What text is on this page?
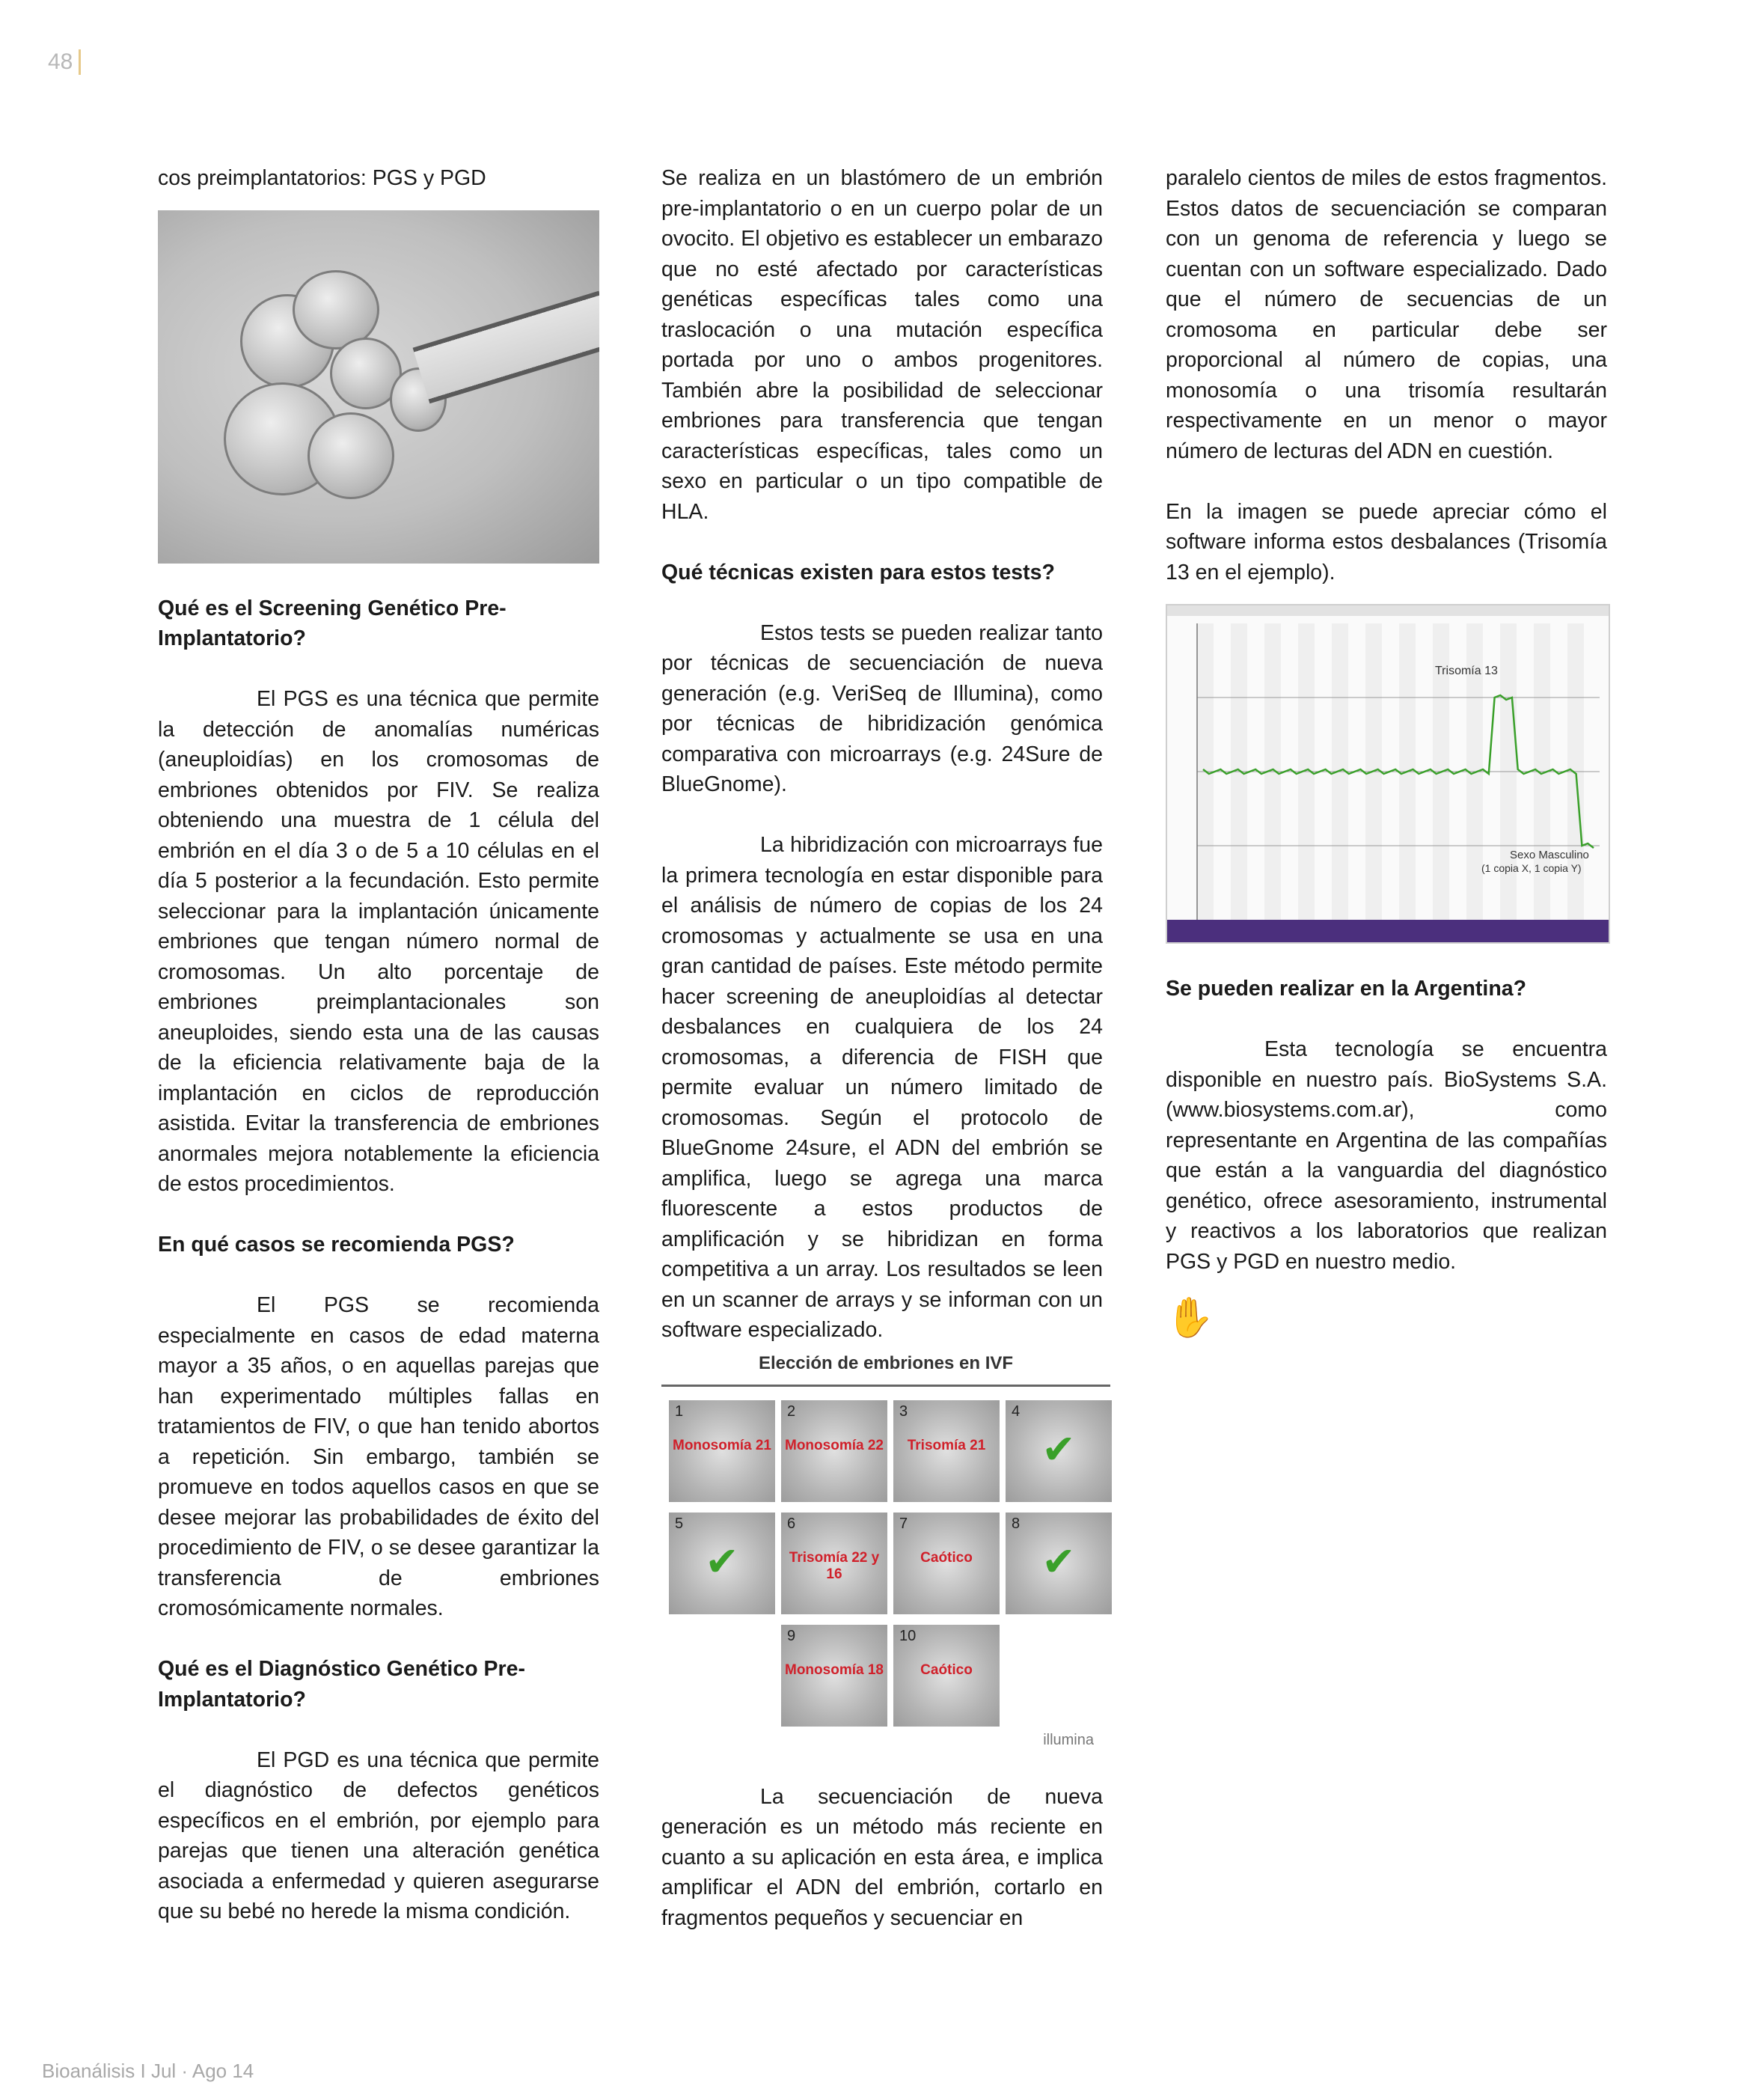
48

cos preimplantatorios: PGS y PGD

Qué es el Screening Genético Pre-Implantatorio?

El PGS es una técnica que permite la detección de anomalías numéricas (aneuploidías) en los cromosomas de embriones obtenidos por FIV. Se realiza obteniendo una muestra de 1 célula del embrión en el día 3 o de 5 a 10 células en el día 5 posterior a la fecundación. Esto permite seleccionar para la implantación únicamente embriones que tengan número normal de cromosomas. Un alto porcentaje de embriones preimplantacionales son aneuploides, siendo esta una de las causas de la eficiencia relativamente baja de la implantación en ciclos de reproducción asistida. Evitar la transferencia de embriones anormales mejora notablemente la eficiencia de estos procedimientos.

En qué casos se recomienda PGS?

El PGS se recomienda especialmente en casos de edad materna mayor a 35 años, o en aquellas parejas que han experimentado múltiples fallas en tratamientos de FIV, o que han tenido abortos a repetición. Sin embargo, también se promueve en todos aquellos casos en que se desee mejorar las probabilidades de éxito del procedimiento de FIV, o se desee garantizar la transferencia de embriones cromosómicamente normales.

Qué es el Diagnóstico Genético Pre-Implantatorio?

El PGD es una técnica que permite el diagnóstico de defectos genéticos específicos en el embrión, por ejemplo para parejas que tienen una alteración genética asociada a enfermedad y quieren asegurarse que su bebé no herede la misma condición.

Se realiza en un blastómero de un embrión pre-implantatorio o en un cuerpo polar de un ovocito. El objetivo es establecer un embarazo que no esté afectado por características genéticas específicas tales como una traslocación o una mutación específica portada por uno o ambos progenitores. También abre la posibilidad de seleccionar embriones para transferencia que tengan características específicas, tales como un sexo en particular o un tipo compatible de HLA.

Qué técnicas existen para estos tests?

Estos tests se pueden realizar tanto por técnicas de secuenciación de nueva generación (e.g. VeriSeq de Illumina), como por técnicas de hibridización genómica comparativa con microarrays (e.g. 24Sure de BlueGnome).

La hibridización con microarrays fue la primera tecnología en estar disponible para el análisis de número de copias de los 24 cromosomas y actualmente se usa en una gran cantidad de países. Este método permite hacer screening de aneuploidías al detectar desbalances en cualquiera de los 24 cromosomas, a diferencia de FISH que permite evaluar un número limitado de cromosomas. Según el protocolo de BlueGnome 24sure, el ADN del embrión se amplifica, luego se agrega una marca fluorescente a estos productos de amplificación y se hibridizan en forma competitiva a un array. Los resultados se leen en un scanner de arrays y se informan con un software especializado.

Elección de embriones en IVF
1
Monosomía 21
2
Monosomía 22
3
Trisomía 21
4
✔
5
✔
6
Trisomía 22 y 16
7
Caótico
8
✔
9
Monosomía 18
10
Caótico
illumina

La secuenciación de nueva generación es un método más reciente en cuanto a su aplicación en esta área, e implica amplificar el ADN del embrión, cortarlo en fragmentos pequeños y secuenciar en

paralelo cientos de miles de estos fragmentos. Estos datos de secuenciación se comparan con un genoma de referencia y luego se cuentan con un software especializado. Dado que el número de secuencias de un cromosoma en particular debe ser proporcional al número de copias, una monosomía o una trisomía resultarán respectivamente en un menor o mayor número de lecturas del ADN en cuestión.

En la imagen se puede apreciar cómo el software informa estos desbalances (Trisomía 13 en el ejemplo).

Trisomía 13
Sexo Masculino
(1 copia X, 1 copia Y)

Se pueden realizar en la Argentina?

Esta tecnología se encuentra disponible en nuestro país. BioSystems S.A. (www.biosystems.com.ar), como representante en Argentina de las compañías que están a la vanguardia del diagnóstico genético, ofrece asesoramiento, instrumental y reactivos a los laboratorios que realizan PGS y PGD en nuestro medio.

✋
Bioanálisis I Jul · Ago 14
